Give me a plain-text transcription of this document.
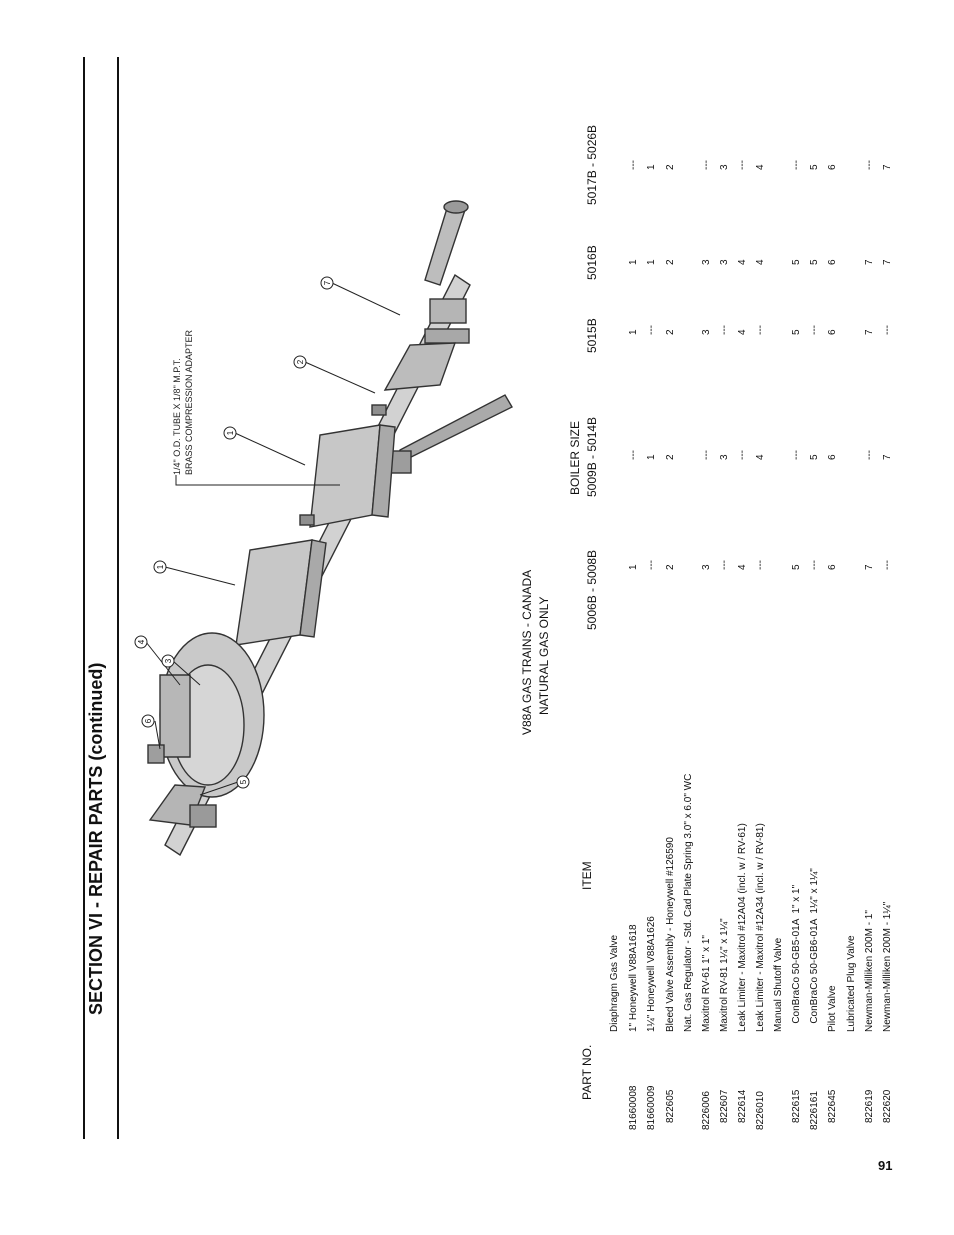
SECTION VI - REPAIR PARTS (continued)
1
1
2
3
4
5
6
7
1/4" O.D. TUBE X 1/8" M.P.T. BRASS COMPRESSION ADAPTER
V88A GAS TRAINS - CANADA NATURAL GAS ONLY
BOILER SIZE
PART NO.
ITEM
5006B - 5008B
5009B - 5014B
5015B
5016B
5017B - 5026B
Diaphragm Gas Valve
81660008
1" Honeywell V88A1618
1
---
1
1
---
81660009
1¼" Honeywell V88A1626
---
1
---
1
1
822605
Bleed Valve Assembly - Honeywell #126590
2
2
2
2
2
Nat. Gas Regulator - Std. Cad Plate Spring 3.0" x 6.0" WC
8226006
Maxitrol RV-61 1" x 1"
3
---
3
3
---
822607
Maxitrol RV-81 1¼" x 1¼"
---
3
---
3
3
822614
Leak Limiter - Maxitrol #12A04 (incl. w / RV-61)
4
---
4
4
---
8226010
Leak Limiter - Maxitrol #12A34 (incl. w / RV-81)
---
4
---
4
4
Manual Shutoff Valve
822615
ConBraCo 50-GB5-01A  1" x 1"
5
---
5
5
---
8226161
ConBraCo 50-GB6-01A  1¼" x 1¼"
---
5
---
5
5
822645
Pilot Valve
6
6
6
6
6
Lubricated Plug Valve
822619
Newman-Milliken 200M - 1"
7
---
7
7
---
822620
Newman-Milliken 200M - 1¼"
---
7
---
7
7
91
